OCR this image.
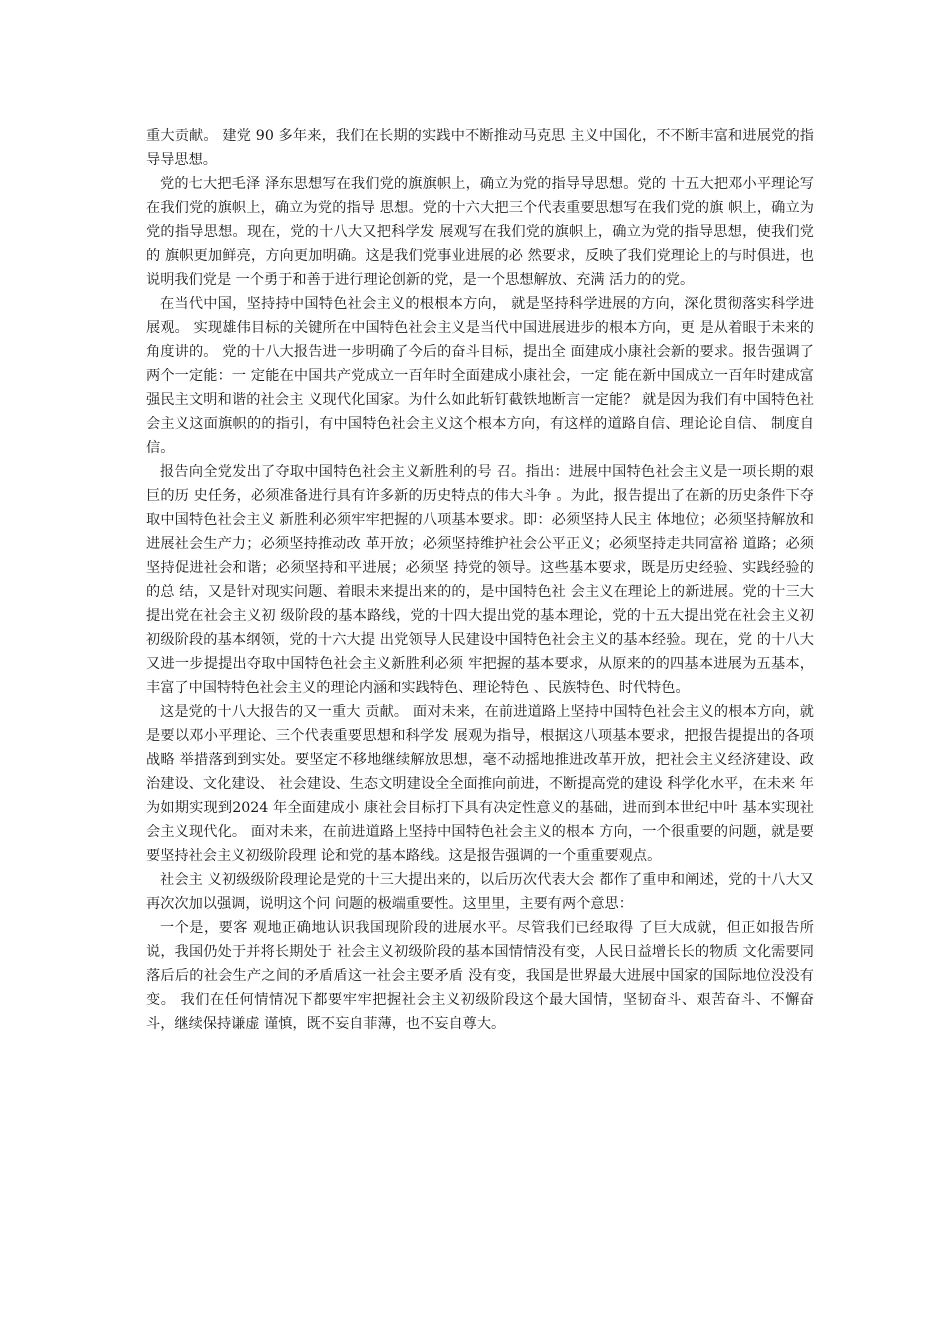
重大贡献。 建党 90 多年来，我们在长期的实践中不断推动马克思 主义中国化，不不断丰富和进展党的指导导思想。

党的七大把毛泽 泽东思想写在我们党的旗旗帜上，确立为党的指导导思想。党的 十五大把邓小平理论写在我们党的旗帜上，确立为党的指导 思想。党的十六大把三个代表重要思想写在我们党的旗 帜上，确立为党的指导思想。现在，党的十八大又把科学发 展观写在我们党的旗帜上，确立为党的指导思想，使我们党的 旗帜更加鲜亮，方向更加明确。这是我们党事业进展的必 然要求，反映了我们党理论上的与时俱进，也说明我们党是 一个勇于和善于进行理论创新的党，是一个思想解放、充满 活力的的党。

在当代中国，坚持持中国特色社会主义的根根本方向， 就是坚持科学进展的方向，深化贯彻落实科学进展观。 实现雄伟目标的关键所在中国特色社会主义是当代中国进展进步的根本方向，更 是从着眼于未来的角度讲的。 党的十八大报告进一步明确了今后的奋斗目标，提出全 面建成小康社会新的要求。报告强调了两个一定能：一 定能在中国共产党成立一百年时全面建成小康社会，一定 能在新中国成立一百年时建成富强民主文明和谐的社会主 义现代化国家。为什么如此斩钉截铁地断言一定能？ 就是因为我们有中国特色社会主义这面旗帜的的指引，有中国特色社会主义这个根本方向，有这样的道路自信、理论论自信、 制度自信。

报告向全党发出了夺取中国特色社会主义新胜利的号 召。指出：进展中国特色社会主义是一项长期的艰巨的历 史任务，必须准备进行具有许多新的历史特点的伟大斗争 。为此，报告提出了在新的历史条件下夺取中国特色社会主义 新胜利必须牢牢把握的八项基本要求。即：必须坚持人民主 体地位；必须坚持解放和进展社会生产力；必须坚持推动改 革开放；必须坚持维护社会公平正义；必须坚持走共同富裕 道路；必须坚持促进社会和谐；必须坚持和平进展；必须坚 持党的领导。这些基本要求，既是历史经验、实践经验的的总 结，又是针对现实问题、着眼未来提出来的的，是中国特色社 会主义在理论上的新进展。党的十三大提出党在社会主义初 级阶段的基本路线，党的十四大提出党的基本理论，党的十五大提出党在社会主义初初级阶段的基本纲领，党的十六大提 出党领导人民建设中国特色社会主义的基本经验。现在，党 的十八大又进一步提提出夺取中国特色社会主义新胜利必须 牢把握的基本要求，从原来的的四基本进展为五基本， 丰富了中国特特色社会主义的理论内涵和实践特色、理论特色 、民族特色、时代特色。

这是党的十八大报告的又一重大 贡献。 面对未来，在前进道路上坚持中国特色社会主义的根本方向，就是要以邓小平理论、三个代表重要思想和科学发 展观为指导，根据这八项基本要求，把报告提提出的各项战略 举措落到到实处。要坚定不移地继续解放思想，毫不动摇地推进改革开放，把社会主义经济建设、政治建设、文化建设、 社会建设、生态文明建设全全面推向前进，不断提高党的建设 科学化水平，在未来 年为如期实现到2024 年全面建成小 康社会目标打下具有决定性意义的基础，进而到本世纪中叶 基本实现社会主义现代化。 面对未来，在前进道路上坚持中国特色社会主义的根本 方向，一个很重要的问题，就是要要坚持社会主义初级阶段理 论和党的基本路线。这是报告强调的一个重重要观点。

社会主 义初级级阶段理论是党的十三大提出来的，以后历次代表大会 都作了重申和阐述，党的十八大又再次次加以强调，说明这个问 问题的极端重要性。这里里，主要有两个意思：

一个是，要客 观地正确地认识我国现阶段的进展水平。尽管我们已经取得 了巨大成就，但正如报告所说，我国仍处于并将长期处于 社会主义初级阶段的基本国情情没有变，人民日益增长长的物质 文化需要同落后后的社会生产之间的矛盾盾这一社会主要矛盾 没有变，我国是世界最大进展中国家的国际地位没没有变。 我们在任何情情况下都要牢牢把握社会主义初级阶段这个最大国情，坚韧奋斗、艰苦奋斗、不懈奋斗，继续保持谦虚 谨慎，既不妄自菲薄，也不妄自尊大。
